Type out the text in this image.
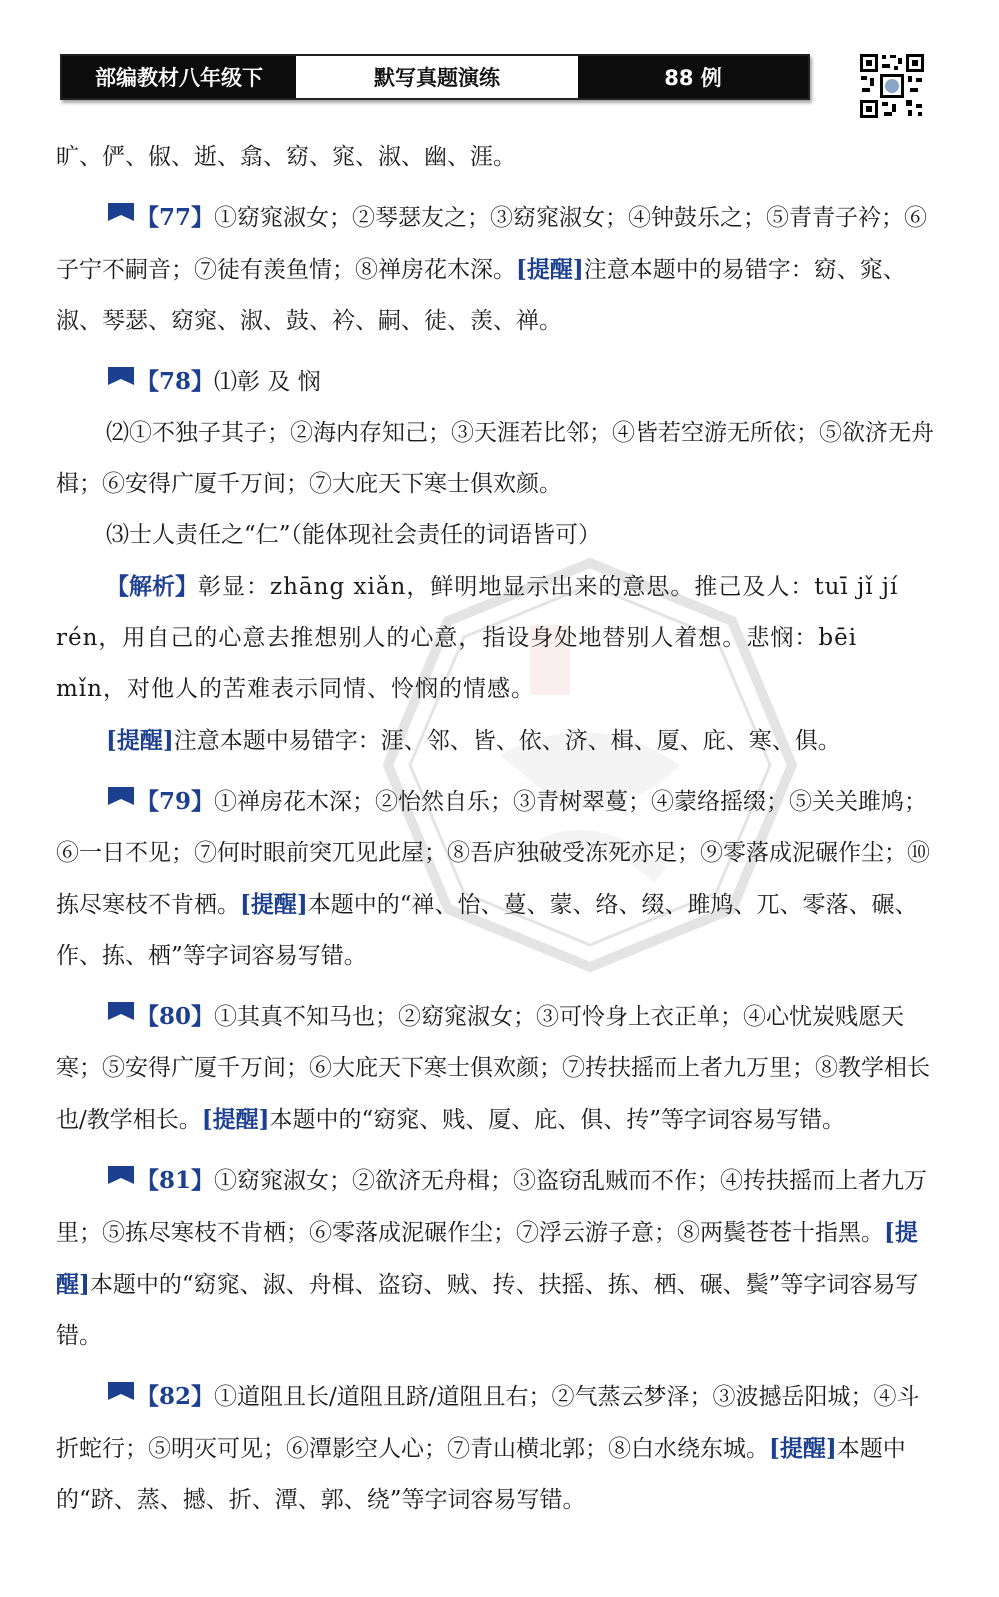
部编教材八年级下	默写真题演练	88 例

旷、俨、俶、逝、翕、窈、窕、淑、幽、涯。

【77】①窈窕淑女；②琴瑟友之；③窈窕淑女；④钟鼓乐之；⑤青青子衿；⑥子宁不嗣音；⑦徒有羡鱼情；⑧禅房花木深。[提醒]注意本题中的易错字：窈、窕、淑、琴瑟、窈窕、淑、鼓、衿、嗣、徒、羡、禅。

【78】⑴彰 及 悯

⑵①不独子其子；②海内存知己；③天涯若比邻；④皆若空游无所依；⑤欲济无舟楫；⑥安得广厦千万间；⑦大庇天下寒士俱欢颜。

⑶士人责任之“仁”（能体现社会责任的词语皆可）

【解析】彰显：zhāng xiǎn，鲜明地显示出来的意思。推己及人：tuī jǐ jí rén，用自己的心意去推想别人的心意，指设身处地替别人着想。悲悯：bēi mǐn，对他人的苦难表示同情、怜悯的情感。

[提醒]注意本题中易错字：涯、邻、皆、依、济、楫、厦、庇、寒、俱。

【79】①禅房花木深；②怡然自乐；③青树翠蔓；④蒙络摇缀；⑤关关雎鸠；⑥一日不见；⑦何时眼前突兀见此屋；⑧吾庐独破受冻死亦足；⑨零落成泥碾作尘；⑩拣尽寒枝不肯栖。[提醒]本题中的“禅、怡、蔓、蒙、络、缀、雎鸠、兀、零落、碾、作、拣、栖”等字词容易写错。

【80】①其真不知马也；②窈窕淑女；③可怜身上衣正单；④心忧炭贱愿天寒；⑤安得广厦千万间；⑥大庇天下寒士俱欢颜；⑦抟扶摇而上者九万里；⑧教学相长也/教学相长。[提醒]本题中的“窈窕、贱、厦、庇、俱、抟”等字词容易写错。

【81】①窈窕淑女；②欲济无舟楫；③盗窃乱贼而不作；④抟扶摇而上者九万里；⑤拣尽寒枝不肯栖；⑥零落成泥碾作尘；⑦浮云游子意；⑧两鬓苍苍十指黑。[提醒]本题中的“窈窕、淑、舟楫、盗窃、贼、抟、扶摇、拣、栖、碾、鬓”等字词容易写错。

【82】①道阻且长/道阻且跻/道阻且右；②气蒸云梦泽；③波撼岳阳城；④斗折蛇行；⑤明灭可见；⑥潭影空人心；⑦青山横北郭；⑧白水绕东城。[提醒]本题中的“跻、蒸、撼、折、潭、郭、绕”等字词容易写错。
